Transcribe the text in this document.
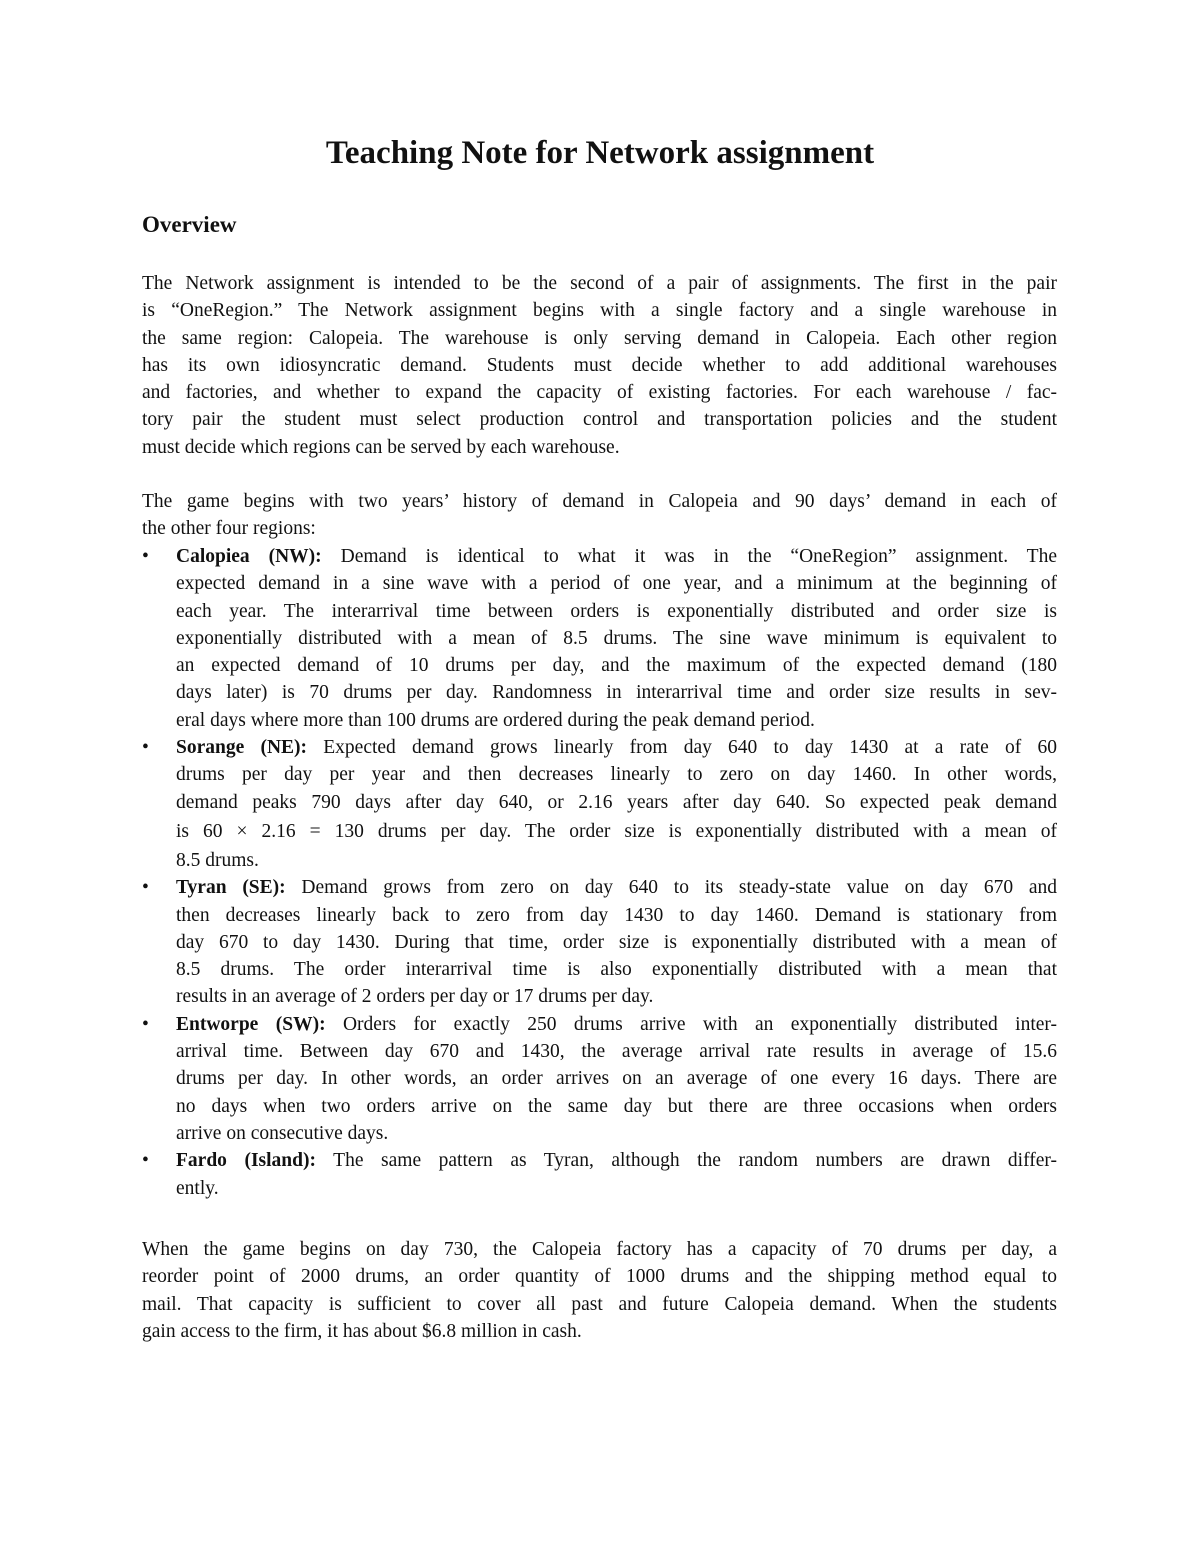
Teaching Note for Network assignment
Overview

The Network assignment is intended to be the second of a pair of assignments. The first in the pair
is “OneRegion.” The Network assignment begins with a single factory and a single warehouse in
the same region: Calopeia. The warehouse is only serving demand in Calopeia. Each other region
has its own idiosyncratic demand. Students must decide whether to add additional warehouses
and factories, and whether to expand the capacity of existing factories. For each warehouse / fac-
tory pair the student must select production control and transportation policies and the student
must decide which regions can be served by each warehouse.

The game begins with two years’ history of demand in Calopeia and 90 days’ demand in each of
the other four regions:

• Calopiea (NW): Demand is identical to what it was in the “OneRegion” assignment. The
expected demand in a sine wave with a period of one year, and a minimum at the beginning of
each year. The interarrival time between orders is exponentially distributed and order size is
exponentially distributed with a mean of 8.5 drums. The sine wave minimum is equivalent to
an expected demand of 10 drums per day, and the maximum of the expected demand (180
days later) is 70 drums per day. Randomness in interarrival time and order size results in sev-
eral days where more than 100 drums are ordered during the peak demand period.
• Sorange (NE): Expected demand grows linearly from day 640 to day 1430 at a rate of 60
drums per day per year and then decreases linearly to zero on day 1460. In other words,
demand peaks 790 days after day 640, or 2.16 years after day 640. So expected peak demand
is 60 × 2.16 = 130 drums per day. The order size is exponentially distributed with a mean of
8.5 drums.
• Tyran (SE): Demand grows from zero on day 640 to its steady-state value on day 670 and
then decreases linearly back to zero from day 1430 to day 1460. Demand is stationary from
day 670 to day 1430. During that time, order size is exponentially distributed with a mean of
8.5 drums. The order interarrival time is also exponentially distributed with a mean that
results in an average of 2 orders per day or 17 drums per day.
• Entworpe (SW): Orders for exactly 250 drums arrive with an exponentially distributed inter-
arrival time. Between day 670 and 1430, the average arrival rate results in average of 15.6
drums per day. In other words, an order arrives on an average of one every 16 days. There are
no days when two orders arrive on the same day but there are three occasions when orders
arrive on consecutive days.
• Fardo (Island): The same pattern as Tyran, although the random numbers are drawn differ-
ently.

When the game begins on day 730, the Calopeia factory has a capacity of 70 drums per day, a
reorder point of 2000 drums, an order quantity of 1000 drums and the shipping method equal to
mail. That capacity is sufficient to cover all past and future Calopeia demand. When the students
gain access to the firm, it has about $6.8 million in cash.
